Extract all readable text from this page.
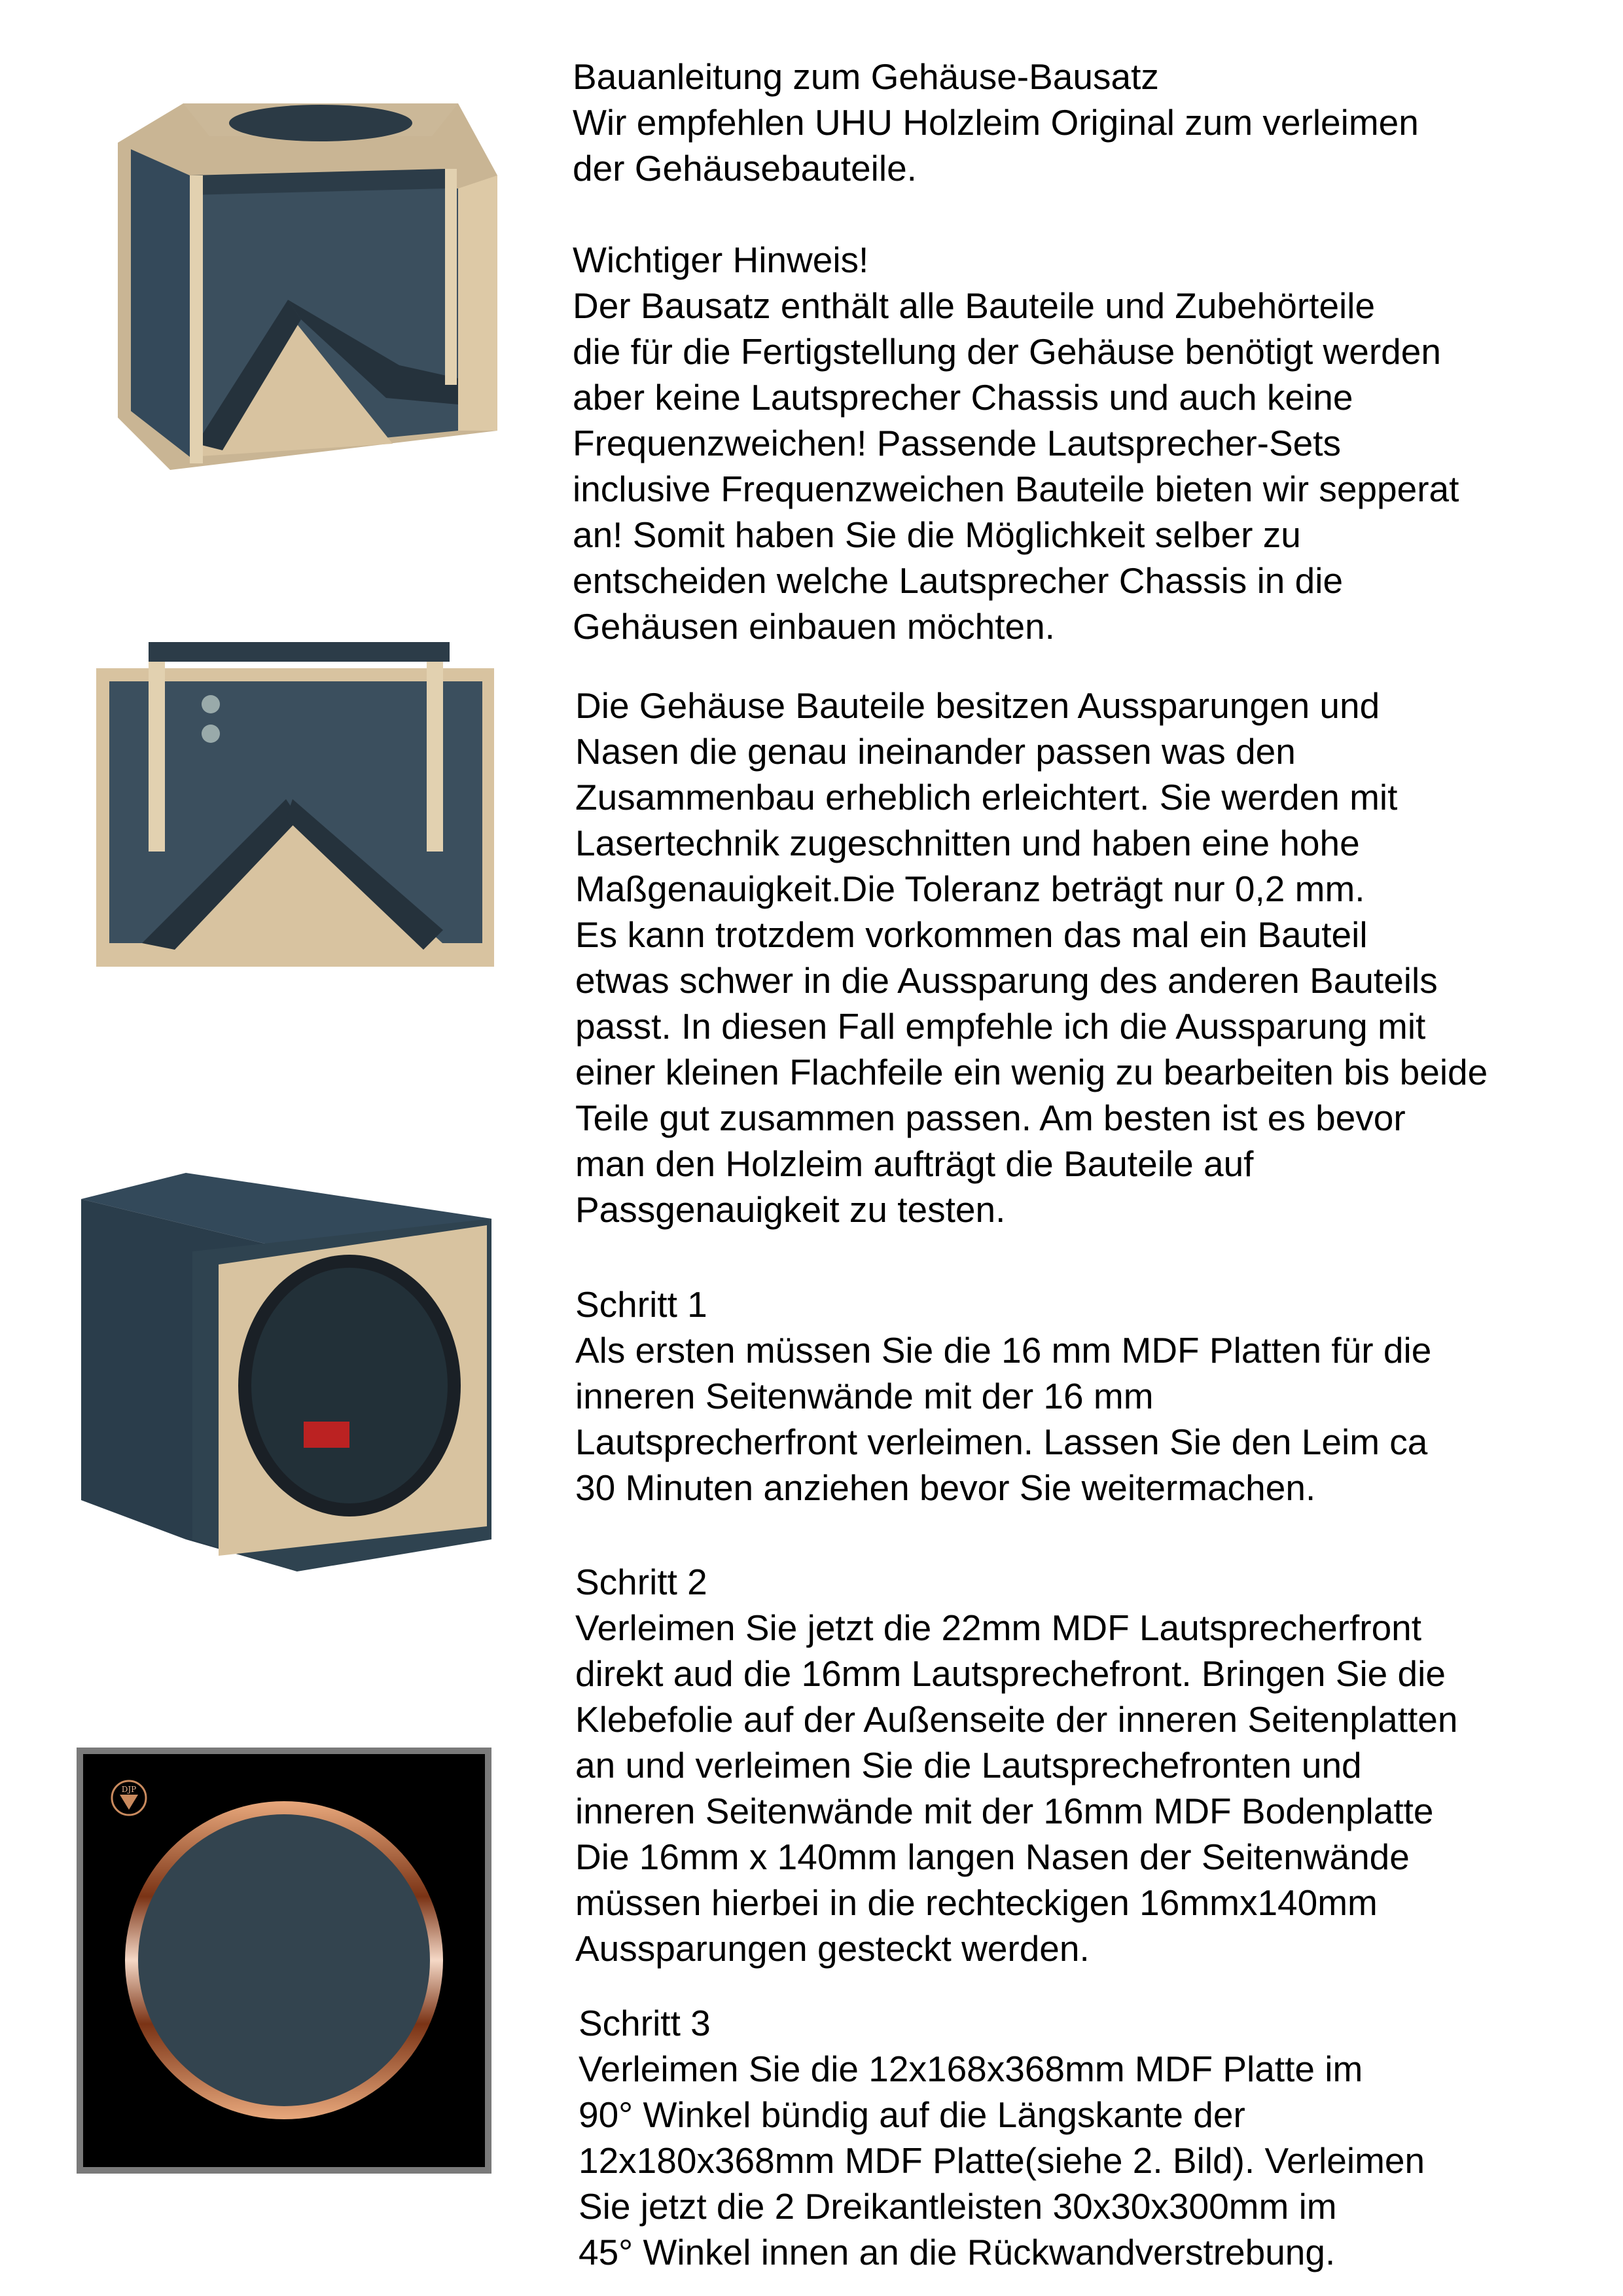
DJP
Bauanleitung zum Gehäuse-Bausatz
Wir empfehlen UHU Holzleim Original zum verleimen
der Gehäusebauteile.
Wichtiger Hinweis!
Der Bausatz enthält alle Bauteile und Zubehörteile
die für die Fertigstellung der Gehäuse benötigt werden
aber keine Lautsprecher Chassis und auch keine
Frequenzweichen! Passende Lautsprecher-Sets
inclusive Frequenzweichen Bauteile bieten wir sepperat
an! Somit haben Sie die Möglichkeit selber zu
entscheiden welche Lautsprecher Chassis in die
Gehäusen einbauen möchten.
Die Gehäuse Bauteile besitzen Aussparungen und
Nasen die genau ineinander passen was den
Zusammenbau erheblich erleichtert. Sie werden mit
Lasertechnik zugeschnitten und haben eine hohe
Maßgenauigkeit.Die Toleranz beträgt nur 0,2 mm.
Es kann trotzdem vorkommen das mal ein Bauteil
etwas schwer in die Aussparung des anderen Bauteils
passt. In diesen Fall empfehle ich die Aussparung mit
einer kleinen Flachfeile ein wenig zu bearbeiten bis beide
Teile gut zusammen passen. Am besten ist es bevor
man den Holzleim aufträgt die Bauteile auf
Passgenauigkeit zu testen.
Schritt 1
Als ersten müssen Sie die 16 mm MDF Platten für die
inneren Seitenwände mit der 16 mm
Lautsprecherfront verleimen. Lassen Sie den Leim ca
30 Minuten anziehen bevor Sie weitermachen.
Schritt 2
Verleimen Sie jetzt die 22mm MDF Lautsprecherfront
direkt aud die 16mm Lautsprechefront. Bringen Sie die
Klebefolie auf der Außenseite der inneren Seitenplatten
an und verleimen Sie die Lautsprechefronten und
inneren Seitenwände mit der 16mm MDF Bodenplatte
Die 16mm x 140mm langen Nasen der Seitenwände
müssen hierbei in die rechteckigen 16mmx140mm
Aussparungen gesteckt werden.
Schritt 3
Verleimen Sie die 12x168x368mm MDF Platte im
90° Winkel bündig auf die Längskante der
12x180x368mm MDF Platte(siehe 2. Bild). Verleimen
Sie jetzt die 2 Dreikantleisten 30x30x300mm im
45° Winkel innen an die Rückwandverstrebung.
